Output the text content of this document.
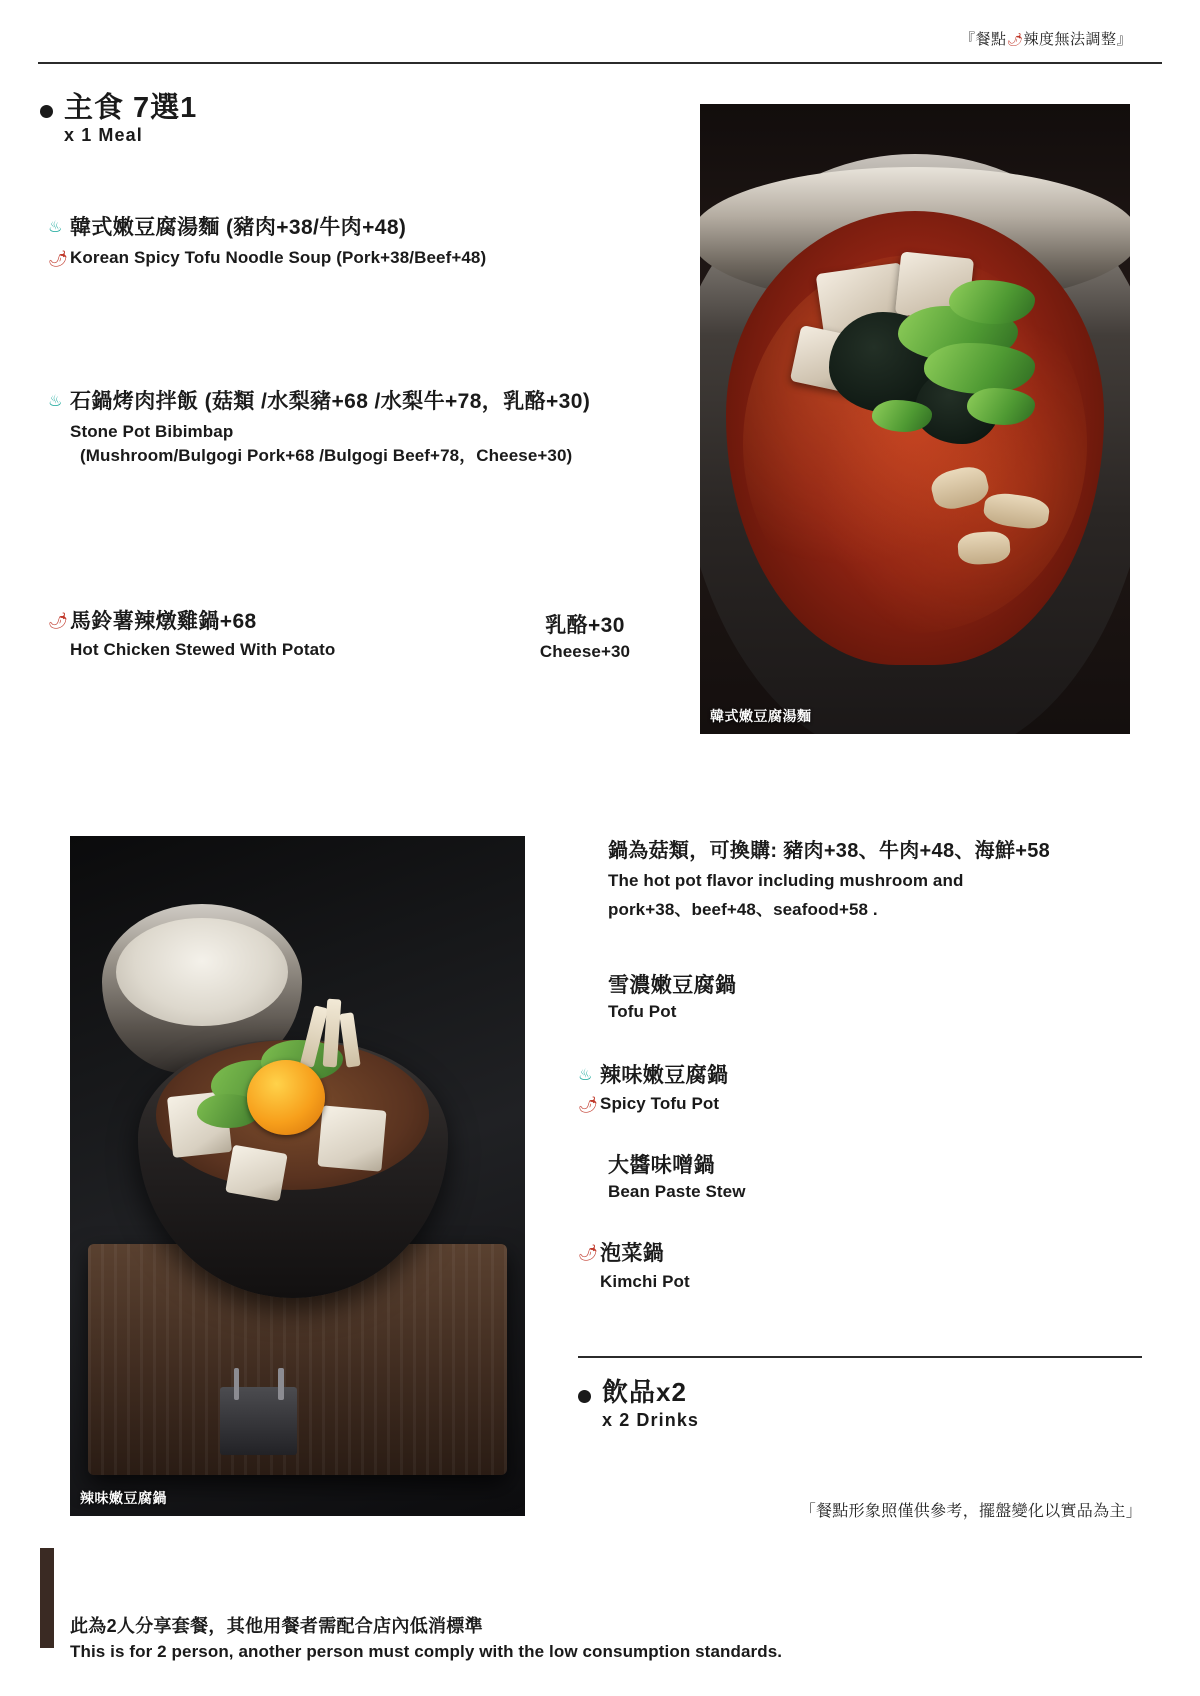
『餐點🌶辣度無法調整』
主食 7選1
x 1 Meal
♨ 韓式嫩豆腐湯麵 (豬肉+38/牛肉+48)
🌶 Korean Spicy Tofu Noodle Soup (Pork+38/Beef+48)
♨ 石鍋烤肉拌飯 (菇類 /水梨豬+68 /水梨牛+78，乳酪+30)
Stone Pot Bibimbap
(Mushroom/Bulgogi Pork+68 /Bulgogi Beef+78，Cheese+30)
🌶 馬鈴薯辣燉雞鍋+68
Hot Chicken Stewed With Potato
乳酪+30
Cheese+30
韓式嫩豆腐湯麵
辣味嫩豆腐鍋
鍋為菇類，可換購: 豬肉+38、牛肉+48、海鮮+58
The hot pot flavor including mushroom and
pork+38、beef+48、seafood+58 .
雪濃嫩豆腐鍋
Tofu Pot
♨ 辣味嫩豆腐鍋
🌶 Spicy Tofu Pot
大醬味噌鍋
Bean Paste Stew
🌶 泡菜鍋
Kimchi Pot
飲品x2
x 2 Drinks
「餐點形象照僅供參考，擺盤變化以實品為主」
此為2人分享套餐，其他用餐者需配合店內低消標準
This is for 2 person, another person must comply with the low consumption standards.
